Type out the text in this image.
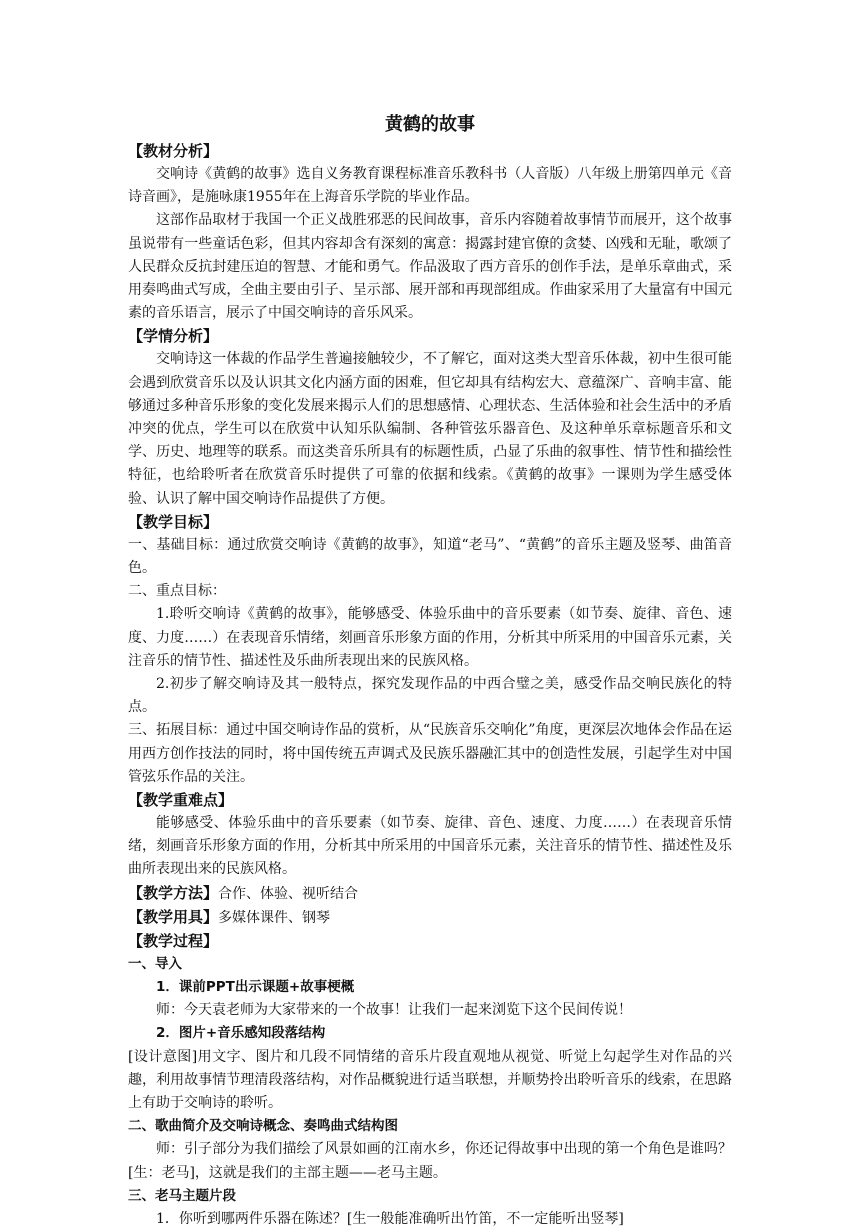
黄鹤的故事
【教材分析】

交响诗《黄鹤的故事》选自义务教育课程标准音乐教科书（人音版）八年级上册第四单元《音诗音画》，是施咏康1955年在上海音乐学院的毕业作品。

这部作品取材于我国一个正义战胜邪恶的民间故事，音乐内容随着故事情节而展开，这个故事虽说带有一些童话色彩，但其内容却含有深刻的寓意：揭露封建官僚的贪婪、凶残和无耻，歌颂了人民群众反抗封建压迫的智慧、才能和勇气。作品汲取了西方音乐的创作手法，是单乐章曲式，采用奏鸣曲式写成，全曲主要由引子、呈示部、展开部和再现部组成。作曲家采用了大量富有中国元素的音乐语言，展示了中国交响诗的音乐风采。

【学情分析】

交响诗这一体裁的作品学生普遍接触较少，不了解它，面对这类大型音乐体裁，初中生很可能会遇到欣赏音乐以及认识其文化内涵方面的困难，但它却具有结构宏大、意蕴深广、音响丰富、能够通过多种音乐形象的变化发展来揭示人们的思想感情、心理状态、生活体验和社会生活中的矛盾冲突的优点，学生可以在欣赏中认知乐队编制、各种管弦乐器音色、及这种单乐章标题音乐和文学、历史、地理等的联系。而这类音乐所具有的标题性质，凸显了乐曲的叙事性、情节性和描绘性特征，也给聆听者在欣赏音乐时提供了可靠的依据和线索。《黄鹤的故事》一课则为学生感受体验、认识了解中国交响诗作品提供了方便。

【教学目标】

一、基础目标：通过欣赏交响诗《黄鹤的故事》，知道“老马”、“黄鹤”的音乐主题及竖琴、曲笛音色。

二、重点目标：

1.聆听交响诗《黄鹤的故事》，能够感受、体验乐曲中的音乐要素（如节奏、旋律、音色、速度、力度……）在表现音乐情绪，刻画音乐形象方面的作用，分析其中所采用的中国音乐元素，关注音乐的情节性、描述性及乐曲所表现出来的民族风格。

2.初步了解交响诗及其一般特点，探究发现作品的中西合璧之美，感受作品交响民族化的特点。

三、拓展目标：通过中国交响诗作品的赏析，从“民族音乐交响化”角度，更深层次地体会作品在运用西方创作技法的同时，将中国传统五声调式及民族乐器融汇其中的创造性发展，引起学生对中国管弦乐作品的关注。

【教学重难点】

能够感受、体验乐曲中的音乐要素（如节奏、旋律、音色、速度、力度……）在表现音乐情绪，刻画音乐形象方面的作用，分析其中所采用的中国音乐元素，关注音乐的情节性、描述性及乐曲所表现出来的民族风格。

【教学方法】合作、体验、视听结合
【教学用具】多媒体课件、钢琴
【教学过程】

一、导入

1．课前PPT出示课题+故事梗概

师：今天袁老师为大家带来的一个故事！让我们一起来浏览下这个民间传说！

2．图片+音乐感知段落结构

[设计意图]用文字、图片和几段不同情绪的音乐片段直观地从视觉、听觉上勾起学生对作品的兴趣，利用故事情节理清段落结构，对作品概貌进行适当联想，并顺势拎出聆听音乐的线索，在思路上有助于交响诗的聆听。

二、歌曲简介及交响诗概念、奏鸣曲式结构图

师：引子部分为我们描绘了风景如画的江南水乡，你还记得故事中出现的第一个角色是谁吗？[生：老马]，这就是我们的主部主题——老马主题。

三、老马主题片段

1．你听到哪两件乐器在陈述？[生一般能准确听出竹笛，不一定能听出竖琴]
